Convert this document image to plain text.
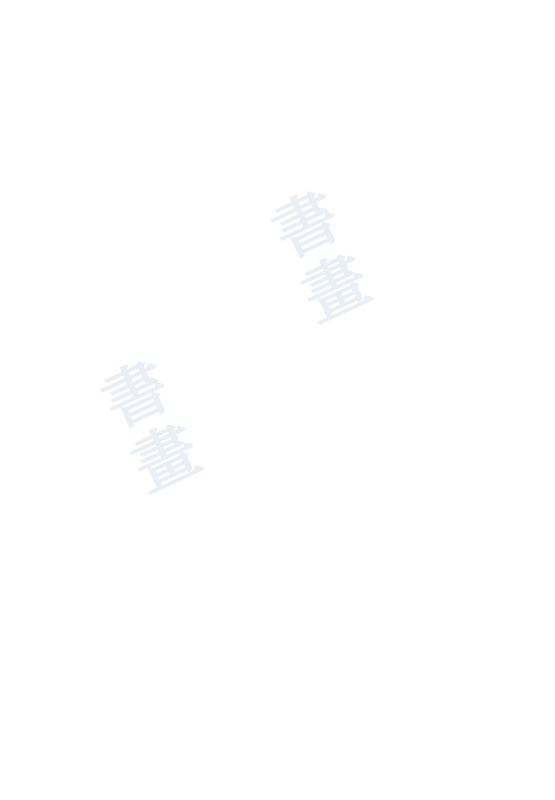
書畫
書畫
